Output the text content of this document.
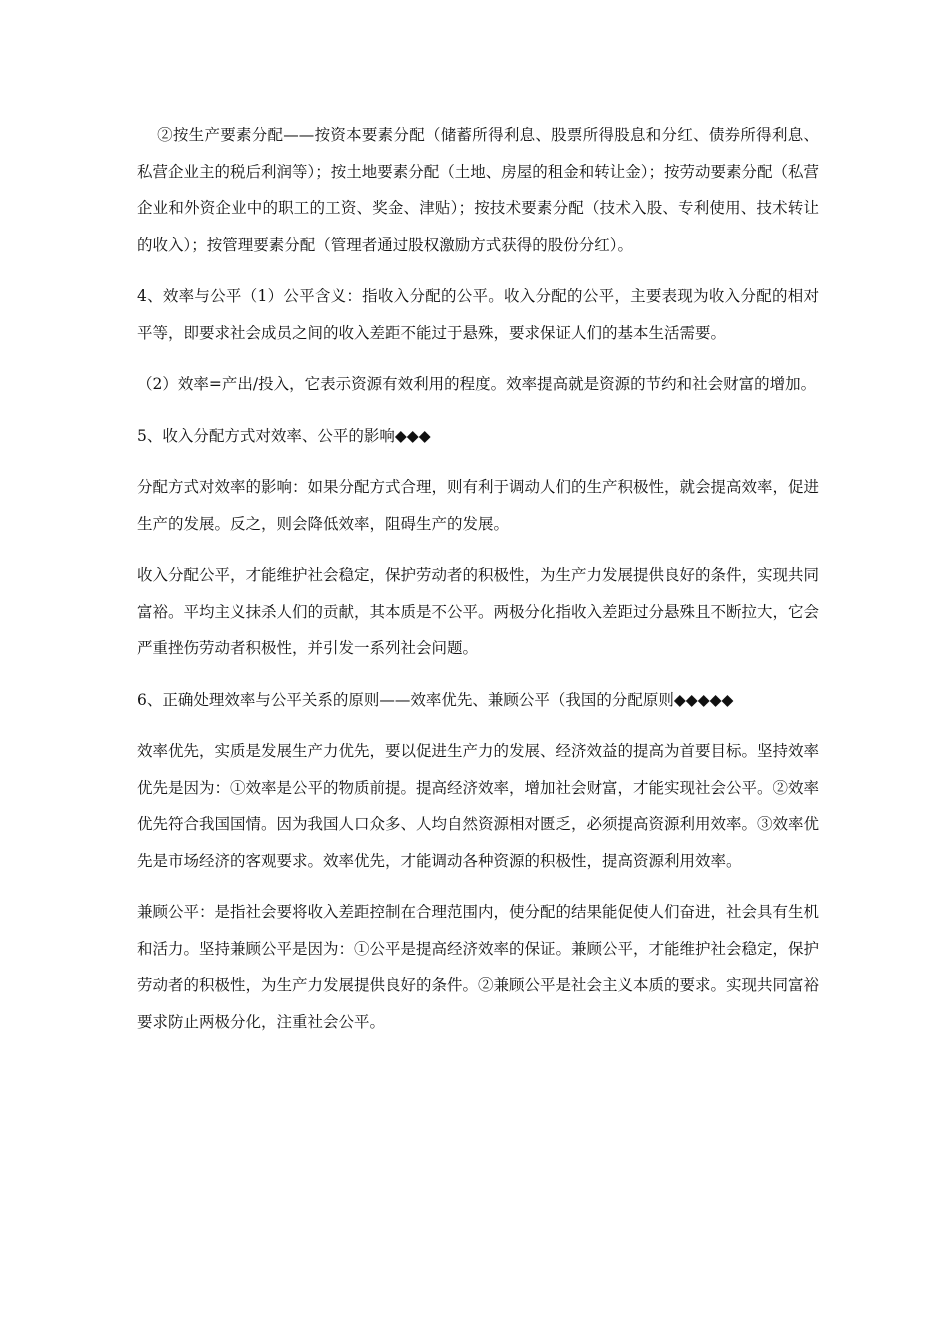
②按生产要素分配——按资本要素分配（储蓄所得利息、股票所得股息和分红、债券所得利息、私营企业主的税后利润等）；按土地要素分配（土地、房屋的租金和转让金）；按劳动要素分配（私营企业和外资企业中的职工的工资、奖金、津贴）；按技术要素分配（技术入股、专利使用、技术转让的收入）；按管理要素分配（管理者通过股权激励方式获得的股份分红）。

4、效率与公平（1）公平含义：指收入分配的公平。收入分配的公平，主要表现为收入分配的相对平等，即要求社会成员之间的收入差距不能过于悬殊，要求保证人们的基本生活需要。

（2）效率=产出/投入，它表示资源有效利用的程度。效率提高就是资源的节约和社会财富的增加。

5、收入分配方式对效率、公平的影响◆◆◆

分配方式对效率的影响：如果分配方式合理，则有利于调动人们的生产积极性，就会提高效率，促进生产的发展。反之，则会降低效率，阻碍生产的发展。

收入分配公平，才能维护社会稳定，保护劳动者的积极性，为生产力发展提供良好的条件，实现共同富裕。平均主义抹杀人们的贡献，其本质是不公平。两极分化指收入差距过分悬殊且不断拉大，它会严重挫伤劳动者积极性，并引发一系列社会问题。

6、正确处理效率与公平关系的原则——效率优先、兼顾公平（我国的分配原则◆◆◆◆◆

效率优先，实质是发展生产力优先，要以促进生产力的发展、经济效益的提高为首要目标。坚持效率优先是因为：①效率是公平的物质前提。提高经济效率，增加社会财富，才能实现社会公平。②效率优先符合我国国情。因为我国人口众多、人均自然资源相对匮乏，必须提高资源利用效率。③效率优先是市场经济的客观要求。效率优先，才能调动各种资源的积极性，提高资源利用效率。

兼顾公平：是指社会要将收入差距控制在合理范围内，使分配的结果能促使人们奋进，社会具有生机和活力。坚持兼顾公平是因为：①公平是提高经济效率的保证。兼顾公平，才能维护社会稳定，保护劳动者的积极性，为生产力发展提供良好的条件。②兼顾公平是社会主义本质的要求。实现共同富裕要求防止两极分化，注重社会公平。
